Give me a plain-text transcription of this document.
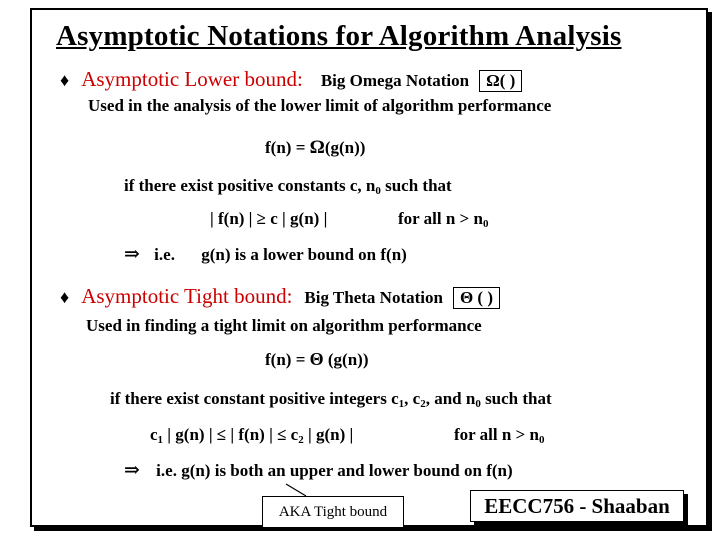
Asymptotic Notations for Algorithm Analysis
♦ Asymptotic Lower bound: Big Omega Notation Ω( )
Used in the analysis of the lower limit of algorithm performance
f(n) = Ω(g(n))
if there exist positive constants c, $n_0$ such that
| f(n) | ≥ c | g(n) |	for all $n > n_0$
⇒ i.e. g(n) is a lower bound on f(n)
♦ Asymptotic Tight bound: Big Theta Notation Θ ( )
Used in finding a tight limit on algorithm performance
f(n) = Θ (g(n))
if there exist constant positive integers $c_1$, $c_2$, and $n_0$ such that
$c_1$ | g(n) | ≤ | f(n) | ≤ $c_2$ | g(n) |	for all $n > n_0$
⇒ i.e. g(n) is both an upper and lower bound on f(n)
AKA Tight bound	EECC756 - Shaaban
